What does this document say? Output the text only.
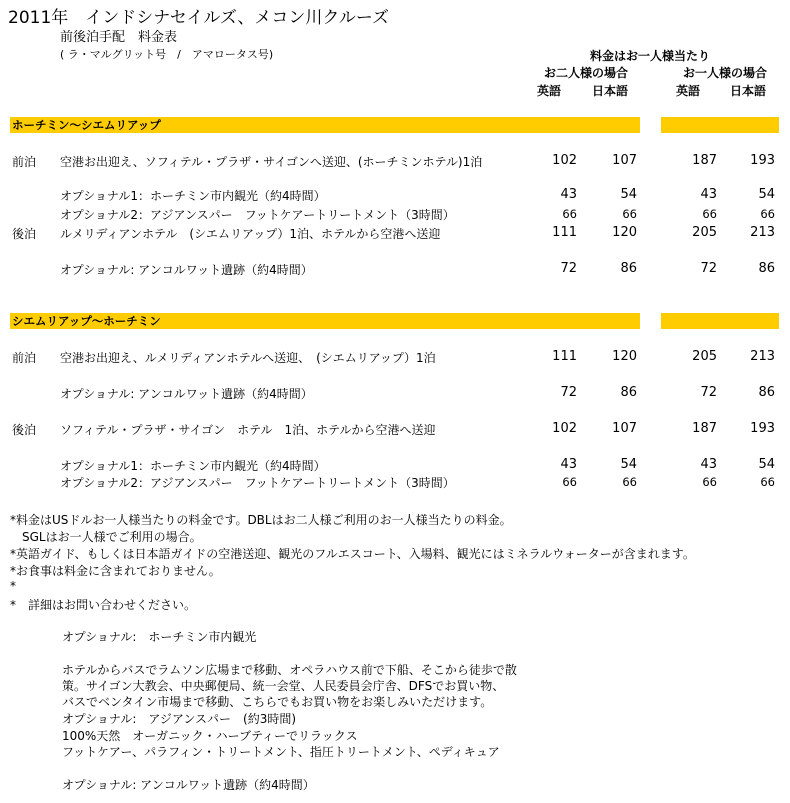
2011年　インドシナセイルズ、メコン川クルーズ
前後泊手配　料金表
( ラ・マルグリット号　/　アマロータス号)	料金はお一人様当たり
お二人様の場合	お一人様の場合
英語	日本語	英語 日本語
ホーチミン～シエムリアップ
前泊 空港お出迎え、ソフィテル・プラザ・サイゴンへ送迎、(ホーチミンホテル)1泊	102	107	187	193
オプショナル1：ホーチミン市内観光（約4時間）	43	54	43	54
オプショナル2：アジアンスパー　フットケアートリートメント（3時間）	66	66	66	66
後泊 ルメリディアンホテル　(シエムリアップ）1泊、ホテルから空港へ送迎	111	120	205	213
オプショナル: アンコルワット遺跡（約4時間）	72	86	72	86
シエムリアップ～ホーチミン
前泊 空港お出迎え、ルメリディアンホテルへ送迎、　(シエムリアップ）1泊	111	120	205	213
オプショナル: アンコルワット遺跡（約4時間）	72	86	72	86
後泊 ソフィテル・プラザ・サイゴン　ホテル　1泊、ホテルから空港へ送迎	102	107	187	193
オプショナル1：ホーチミン市内観光（約4時間）	43	54	43	54
オプショナル2：アジアンスパー　フットケアートリートメント（3時間）	66	66	66	66
*料金はUSドルお一人様当たりの料金です。DBLはお二人様ご利用のお一人様当たりの料金。
　SGLはお一人様でご利用の場合。
*英語ガイド、もしくは日本語ガイドの空港送迎、観光のフルエスコート、入場料、観光にはミネラルウォーターが含まれます。
*お食事は料金に含まれておりません。
*
*　詳細はお問い合わせください。
オプショナル:　ホーチミン市内観光
ホテルからバスでラムソン広場まで移動、オペラハウス前で下船、そこから徒歩で散
策。サイゴン大教会、中央郵便局、統一会堂、人民委員会庁舎、DFSでお買い物、
バスでベンタイン市場まで移動、こちらでもお買い物をお楽しみいただけます。
オプショナル:　アジアンスパー　(約3時間)
100%天然　オーガニック・ハーブティーでリラックス
フットケアー、パラフィン・トリートメント、指圧トリートメント、ペディキュア
オプショナル: アンコルワット遺跡（約4時間）
